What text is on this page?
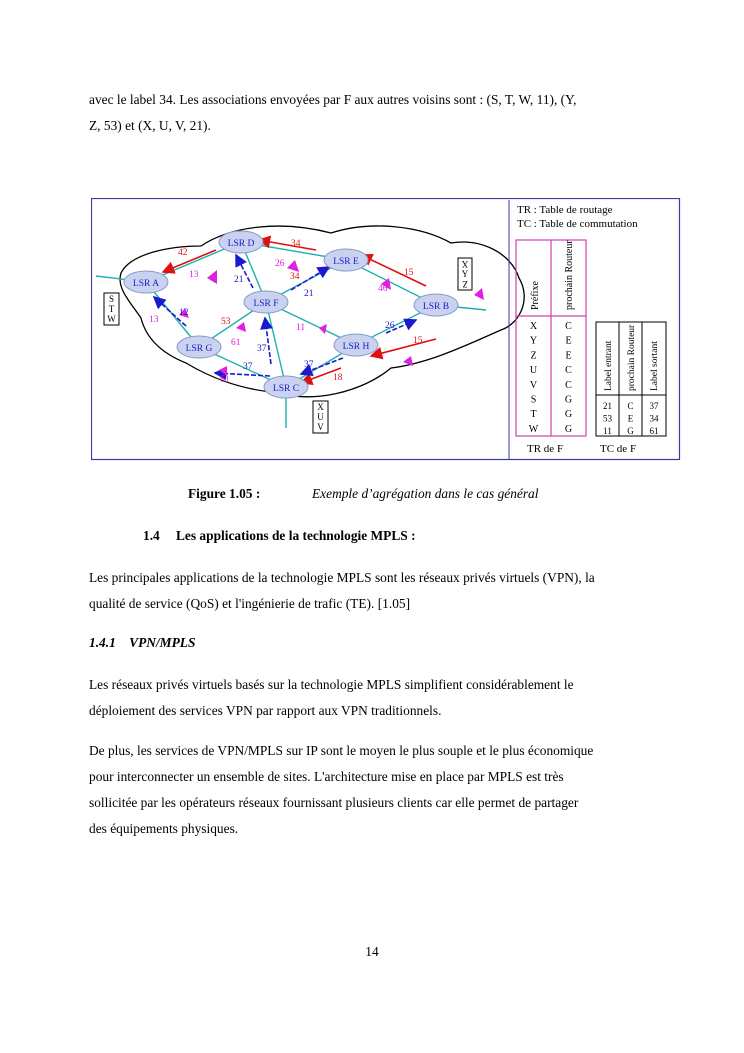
avec le label 34. Les associations envoyées par F aux autres voisins sont : (S, T, W, 11), (Y,
Z, 53) et (X, U, V, 21).
42
13
34
26
34
21
15
46
21
12
13	53
61
37
11	26
15
37
18
61
37
LSR A
LSR D
LSR E
LSR F	LSR B
LSR G	LSR H
LSR C
S
T
W
X
Y
Z
X
U
V
TR : Table de routage
TC : Table de commutation
Préfixe prochain Routeur
X	C
Y	E
Z	E
U	C
V	C
S	G
T	G
W	G
TR de F
Label entrant prochain Routeur Label sortant
21 C 37
53 E 34
11 G 61
TC de F
Figure 1.05 :	Exemple d’agrégation dans le cas général
1.4 Les applications de la technologie MPLS :
Les principales applications de la technologie MPLS sont les réseaux privés virtuels (VPN), la
qualité de service (QoS) et l'ingénierie de trafic (TE). [1.05]
1.4.1 VPN/MPLS
Les réseaux privés virtuels basés sur la technologie MPLS simplifient considérablement le
déploiement des services VPN par rapport aux VPN traditionnels.
De plus, les services de VPN/MPLS sur IP sont le moyen le plus souple et le plus économique
pour interconnecter un ensemble de sites. L'architecture mise en place par MPLS est très
sollicitée par les opérateurs réseaux fournissant plusieurs clients car elle permet de partager
des équipements physiques.
14
